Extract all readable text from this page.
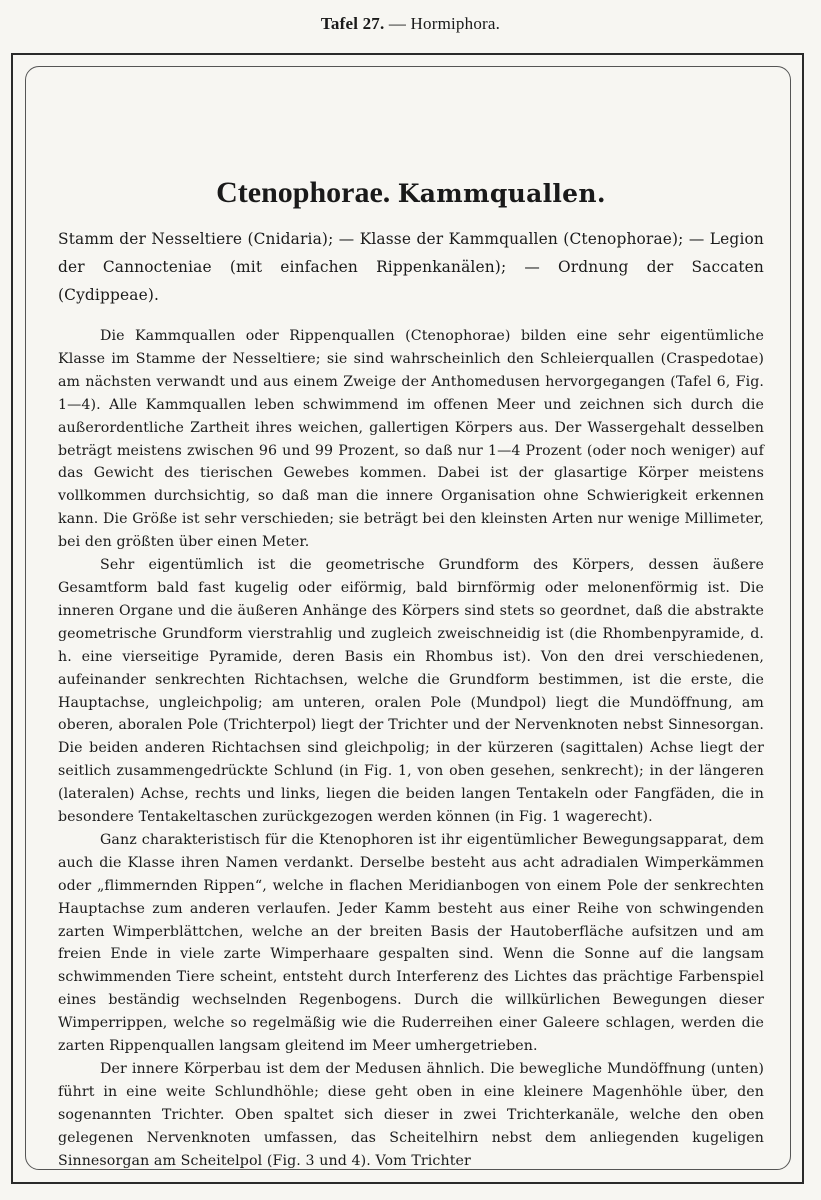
Tafel 27. — Hormiphora.
Ctenophorae. Kammquallen.

Stamm der Nesseltiere (Cnidaria); — Klasse der Kammquallen (Ctenophorae); — Legion der Cannocteniae (mit einfachen Rippenkanälen); — Ordnung der Saccaten (Cydippeae).

Die Kammquallen oder Rippenquallen (Ctenophorae) bilden eine sehr eigentümliche Klasse im Stamme der Nesseltiere; sie sind wahrscheinlich den Schleierquallen (Craspedotae) am nächsten verwandt und aus einem Zweige der Anthomedusen hervorgegangen (Tafel 6, Fig. 1—4). Alle Kammquallen leben schwimmend im offenen Meer und zeichnen sich durch die außerordentliche Zartheit ihres weichen, gallertigen Körpers aus. Der Wassergehalt desselben beträgt meistens zwischen 96 und 99 Prozent, so daß nur 1—4 Prozent (oder noch weniger) auf das Gewicht des tierischen Gewebes kommen. Dabei ist der glasartige Körper meistens vollkommen durchsichtig, so daß man die innere Organisation ohne Schwierigkeit erkennen kann. Die Größe ist sehr verschieden; sie beträgt bei den kleinsten Arten nur wenige Millimeter, bei den größten über einen Meter.

Sehr eigentümlich ist die geometrische Grundform des Körpers, dessen äußere Gesamtform bald fast kugelig oder eiförmig, bald birnförmig oder melonenförmig ist. Die inneren Organe und die äußeren Anhänge des Körpers sind stets so geordnet, daß die abstrakte geometrische Grundform vierstrahlig und zugleich zweischneidig ist (die Rhombenpyramide, d. h. eine vierseitige Pyramide, deren Basis ein Rhombus ist). Von den drei verschiedenen, aufeinander senkrechten Richtachsen, welche die Grundform bestimmen, ist die erste, die Hauptachse, ungleichpolig; am unteren, oralen Pole (Mundpol) liegt die Mundöffnung, am oberen, aboralen Pole (Trichterpol) liegt der Trichter und der Nervenknoten nebst Sinnesorgan. Die beiden anderen Richtachsen sind gleichpolig; in der kürzeren (sagittalen) Achse liegt der seitlich zusammengedrückte Schlund (in Fig. 1, von oben gesehen, senkrecht); in der längeren (lateralen) Achse, rechts und links, liegen die beiden langen Tentakeln oder Fangfäden, die in besondere Tentakeltaschen zurückgezogen werden können (in Fig. 1 wagerecht).

Ganz charakteristisch für die Ktenophoren ist ihr eigentümlicher Bewegungsapparat, dem auch die Klasse ihren Namen verdankt. Derselbe besteht aus acht adradialen Wimperkämmen oder „flimmernden Rippen“, welche in flachen Meridianbogen von einem Pole der senkrechten Hauptachse zum anderen verlaufen. Jeder Kamm besteht aus einer Reihe von schwingenden zarten Wimperblättchen, welche an der breiten Basis der Hautoberfläche aufsitzen und am freien Ende in viele zarte Wimperhaare gespalten sind. Wenn die Sonne auf die langsam schwimmenden Tiere scheint, entsteht durch Interferenz des Lichtes das prächtige Farbenspiel eines beständig wechselnden Regenbogens. Durch die willkürlichen Bewegungen dieser Wimperrippen, welche so regelmäßig wie die Ruderreihen einer Galeere schlagen, werden die zarten Rippenquallen langsam gleitend im Meer umhergetrieben.

Der innere Körperbau ist dem der Medusen ähnlich. Die bewegliche Mundöffnung (unten) führt in eine weite Schlundhöhle; diese geht oben in eine kleinere Magenhöhle über, den sogenannten Trichter. Oben spaltet sich dieser in zwei Trichterkanäle, welche den oben gelegenen Nervenknoten umfassen, das Scheitelhirn nebst dem anliegenden kugeligen Sinnesorgan am Scheitelpol (Fig. 3 und 4). Vom Trichter
